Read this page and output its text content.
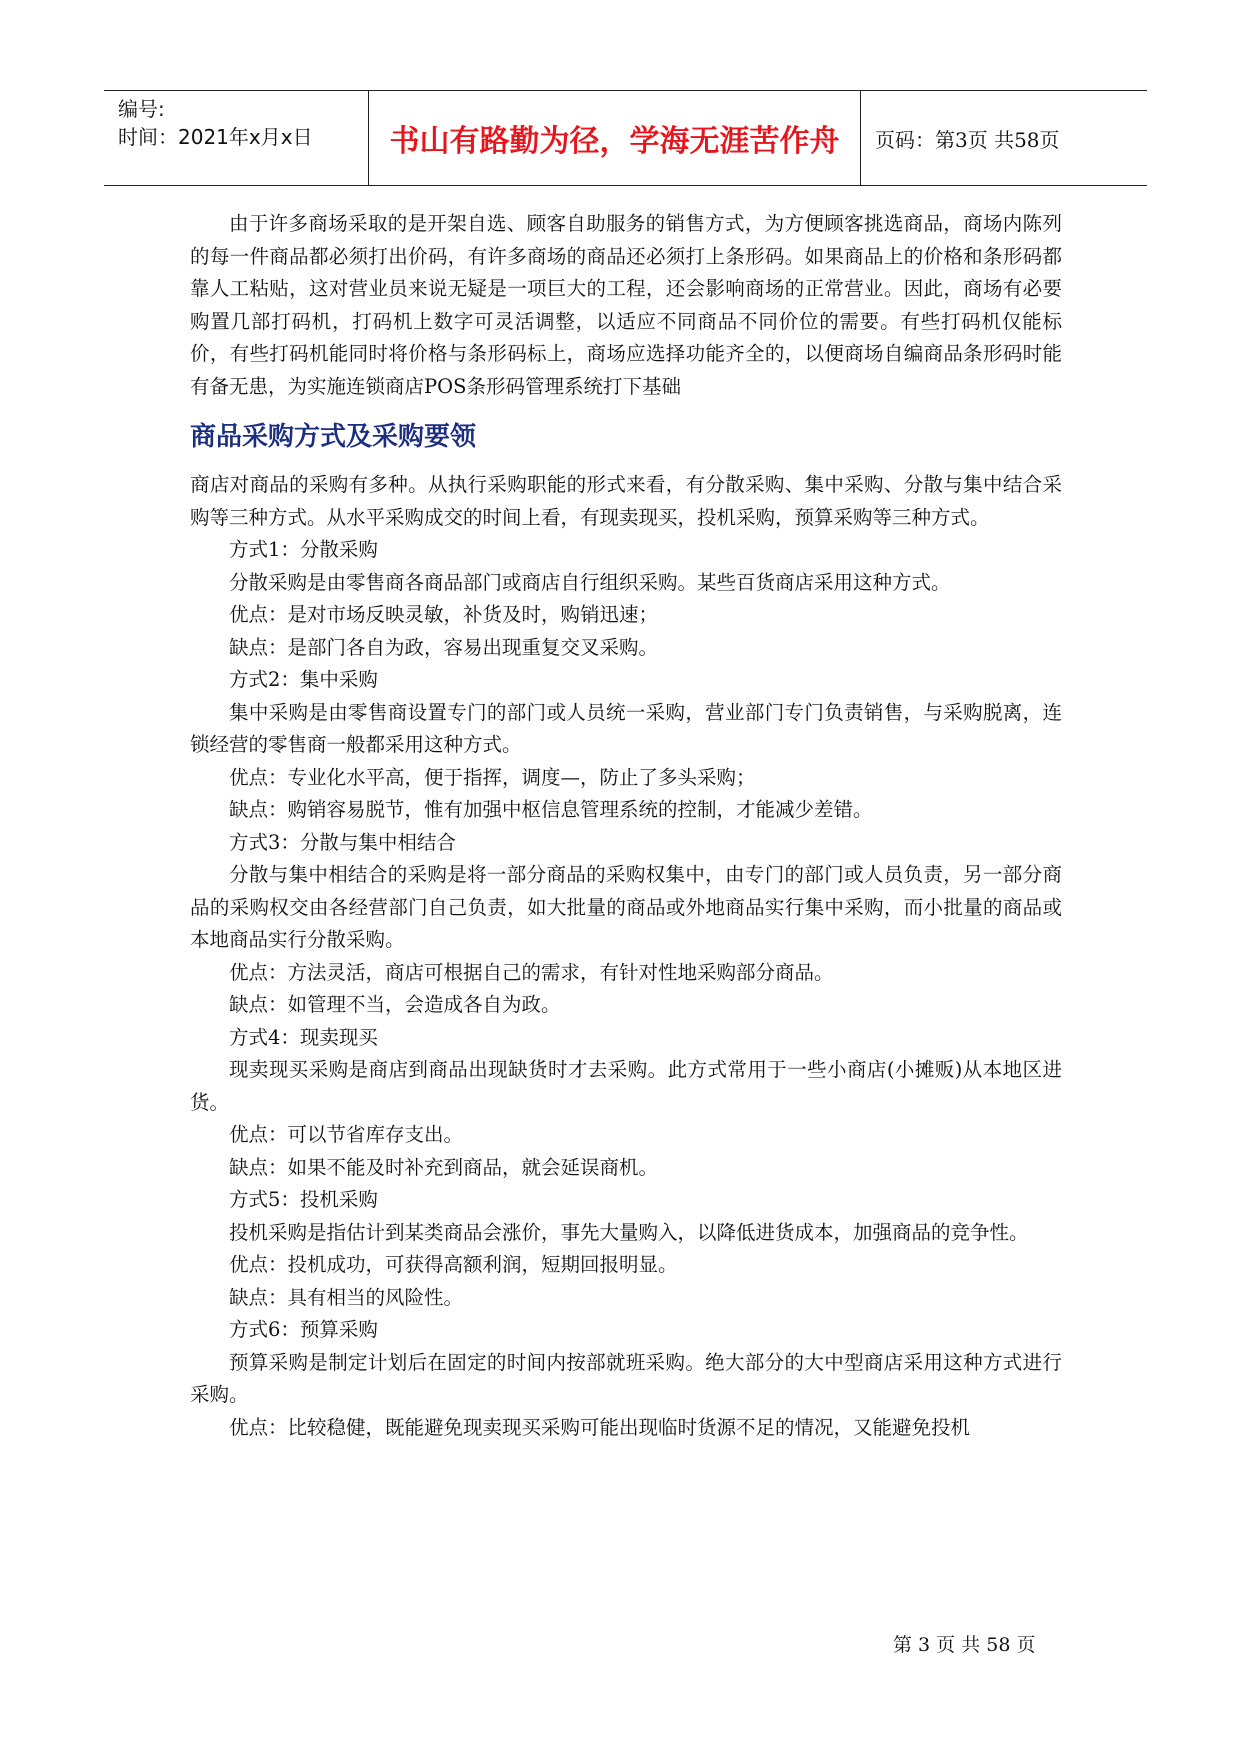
编号:
时间：2021年x月x日	书山有路勤为径，学海无涯苦作舟	页码：第3页 共58页

由于许多商场采取的是开架自选、顾客自助服务的销售方式，为方便顾客挑选商品，商场内陈列的每一件商品都必须打出价码，有许多商场的商品还必须打上条形码。如果商品上的价格和条形码都靠人工粘贴，这对营业员来说无疑是一项巨大的工程，还会影响商场的正常营业。因此，商场有必要购置几部打码机，打码机上数字可灵活调整，以适应不同商品不同价位的需要。有些打码机仅能标价，有些打码机能同时将价格与条形码标上，商场应选择功能齐全的，以便商场自编商品条形码时能有备无患，为实施连锁商店POS条形码管理系统打下基础

商品采购方式及采购要领

商店对商品的采购有多种。从执行采购职能的形式来看，有分散采购、集中采购、分散与集中结合采购等三种方式。从水平采购成交的时间上看，有现卖现买，投机采购，预算采购等三种方式。

方式1：分散采购

分散采购是由零售商各商品部门或商店自行组织采购。某些百货商店采用这种方式。

优点：是对市场反映灵敏，补货及时，购销迅速；

缺点：是部门各自为政，容易出现重复交叉采购。

方式2：集中采购

集中采购是由零售商设置专门的部门或人员统一采购，营业部门专门负责销售，与采购脱离，连锁经营的零售商一般都采用这种方式。

优点：专业化水平高，便于指挥，调度—，防止了多头采购；

缺点：购销容易脱节，惟有加强中枢信息管理系统的控制，才能减少差错。

方式3：分散与集中相结合

分散与集中相结合的采购是将一部分商品的采购权集中，由专门的部门或人员负责，另一部分商品的采购权交由各经营部门自己负责，如大批量的商品或外地商品实行集中采购，而小批量的商品或本地商品实行分散采购。

优点：方法灵活，商店可根据自己的需求，有针对性地采购部分商品。

缺点：如管理不当，会造成各自为政。

方式4：现卖现买

现卖现买采购是商店到商品出现缺货时才去采购。此方式常用于一些小商店(小摊贩)从本地区进货。

优点：可以节省库存支出。

缺点：如果不能及时补充到商品，就会延误商机。

方式5：投机采购

投机采购是指估计到某类商品会涨价，事先大量购入，以降低进货成本，加强商品的竞争性。

优点：投机成功，可获得高额利润，短期回报明显。

缺点：具有相当的风险性。

方式6：预算采购

预算采购是制定计划后在固定的时间内按部就班采购。绝大部分的大中型商店采用这种方式进行采购。

优点：比较稳健，既能避免现卖现买采购可能出现临时货源不足的情况，又能避免投机

第 3 页 共 58 页
